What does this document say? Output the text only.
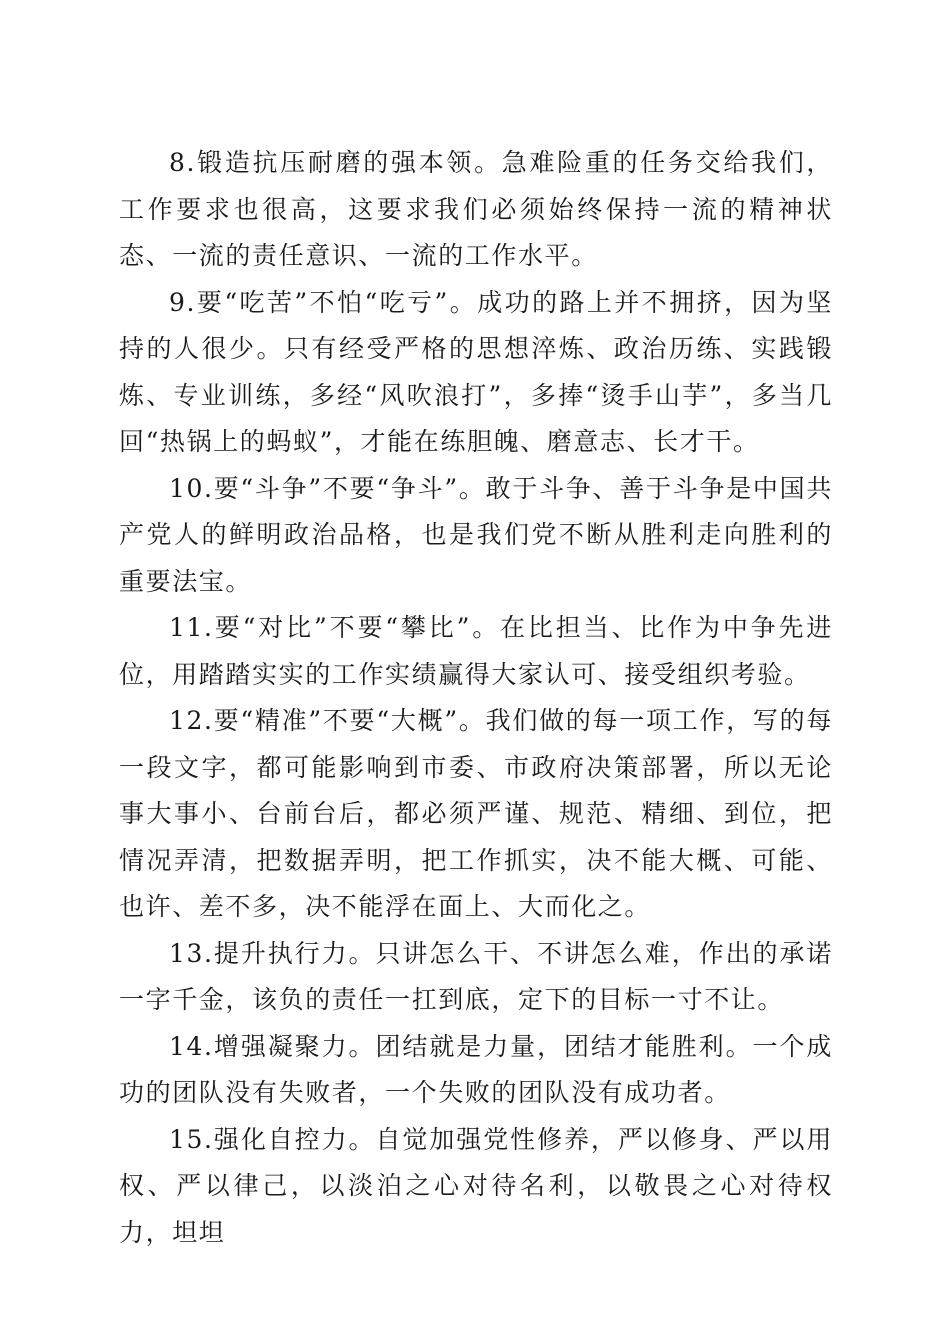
8.锻造抗压耐磨的强本领。急难险重的任务交给我们，工作要求也很高，这要求我们必须始终保持一流的精神状态、一流的责任意识、一流的工作水平。

9.要“吃苦”不怕“吃亏”。成功的路上并不拥挤，因为坚持的人很少。只有经受严格的思想淬炼、政治历练、实践锻炼、专业训练，多经“风吹浪打”，多捧“烫手山芋”，多当几回“热锅上的蚂蚁”，才能在练胆魄、磨意志、长才干。

10.要“斗争”不要“争斗”。敢于斗争、善于斗争是中国共产党人的鲜明政治品格，也是我们党不断从胜利走向胜利的重要法宝。

11.要“对比”不要“攀比”。在比担当、比作为中争先进位，用踏踏实实的工作实绩赢得大家认可、接受组织考验。

12.要“精准”不要“大概”。我们做的每一项工作，写的每一段文字，都可能影响到市委、市政府决策部署，所以无论事大事小、台前台后，都必须严谨、规范、精细、到位，把情况弄清，把数据弄明，把工作抓实，决不能大概、可能、也许、差不多，决不能浮在面上、大而化之。

13.提升执行力。只讲怎么干、不讲怎么难，作出的承诺一字千金，该负的责任一扛到底，定下的目标一寸不让。

14.增强凝聚力。团结就是力量，团结才能胜利。一个成功的团队没有失败者，一个失败的团队没有成功者。

15.强化自控力。自觉加强党性修养，严以修身、严以用权、严以律己，以淡泊之心对待名利，以敬畏之心对待权力，坦坦
